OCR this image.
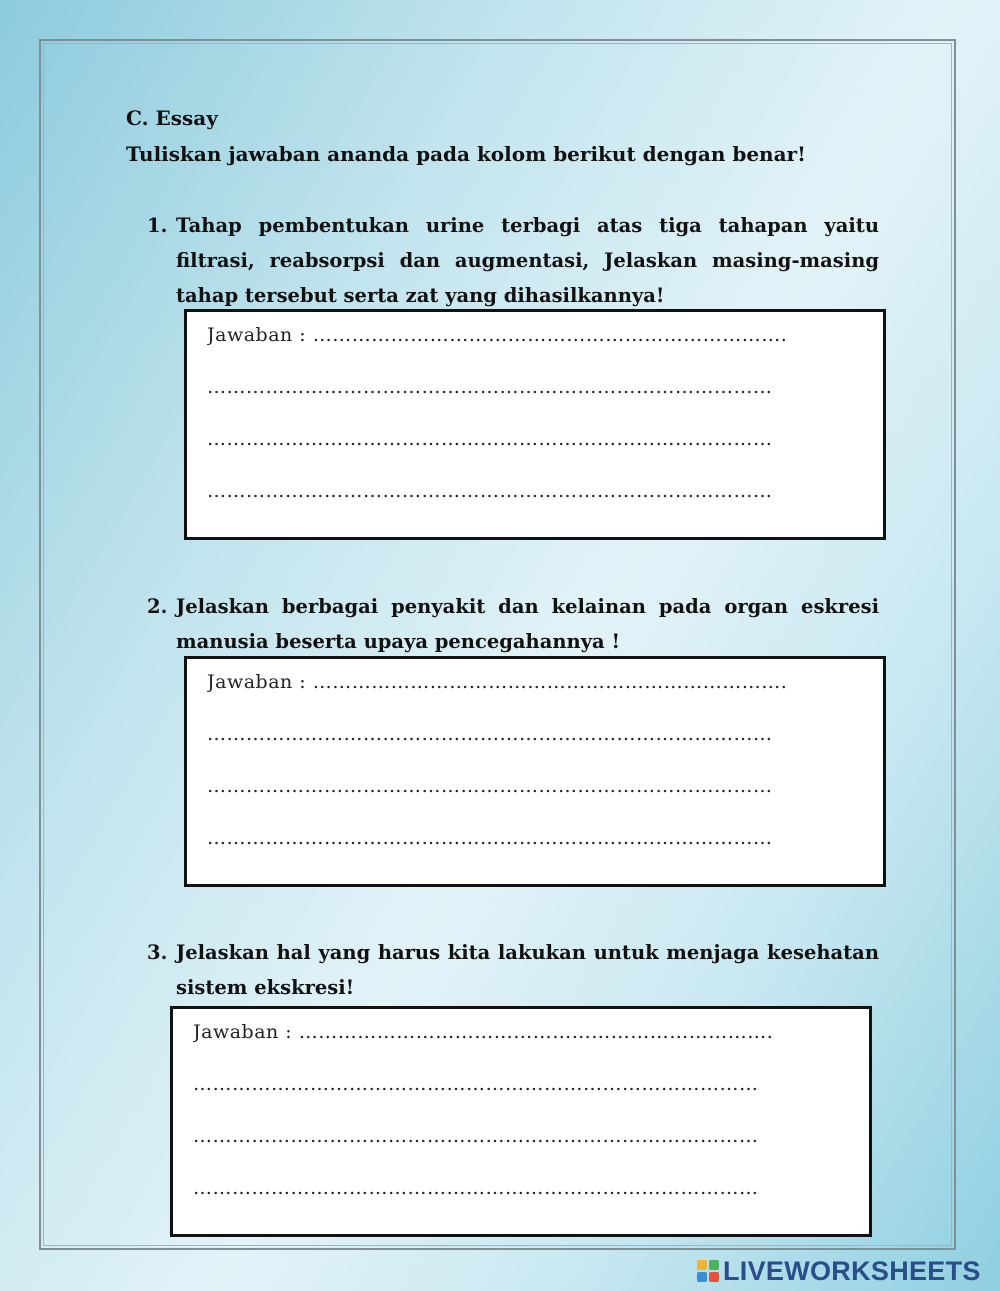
C. Essay
Tuliskan jawaban ananda pada kolom berikut dengan benar!
1. Tahap pembentukan urine terbagi atas tiga tahapan yaitu filtrasi, reabsorpsi dan augmentasi, Jelaskan masing-masing tahap tersebut serta zat yang dihasilkannya!
Jawaban : ……………………………………………………………….
……………………………………………………………………………
……………………………………………………………………………
……………………………………………………………………………
2. Jelaskan berbagai penyakit dan kelainan pada organ eskresi manusia beserta upaya pencegahannya !
Jawaban : ……………………………………………………………….
……………………………………………………………………………
……………………………………………………………………………
……………………………………………………………………………
3. Jelaskan hal yang harus kita lakukan untuk menjaga kesehatan sistem ekskresi!
Jawaban : ……………………………………………………………….
……………………………………………………………………………
……………………………………………………………………………
……………………………………………………………………………
LIVEWORKSHEETS
